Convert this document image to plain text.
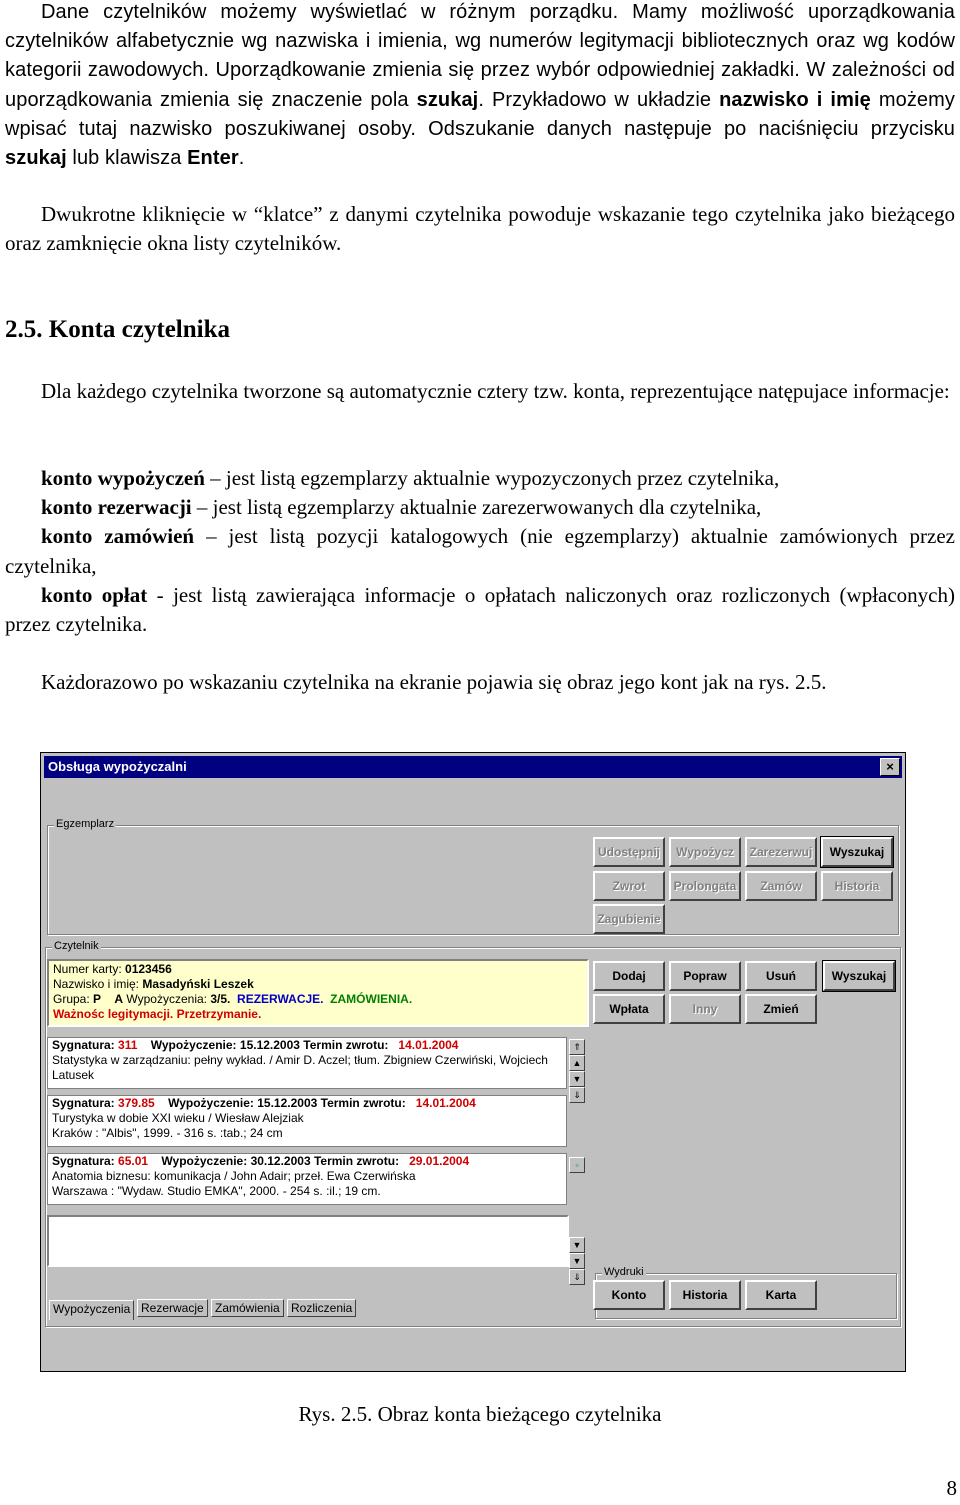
Dane czytelników możemy wyświetlać w różnym porządku. Mamy możliwość uporządkowania czytelników alfabetycznie wg nazwiska i imienia, wg numerów legitymacji bibliotecznych oraz wg kodów kategorii zawodowych. Uporządkowanie zmienia się przez wybór odpowiedniej zakładki. W zależności od uporządkowania zmienia się znaczenie pola szukaj. Przykładowo w układzie nazwisko i imię możemy wpisać tutaj nazwisko poszukiwanej osoby. Odszukanie danych następuje po naciśnięciu przycisku szukaj lub klawisza Enter.
Dwukrotne kliknięcie w “klatce” z danymi czytelnika powoduje wskazanie tego czytelnika jako bieżącego oraz zamknięcie okna listy czytelników.
2.5. Konta czytelnika
Dla każdego czytelnika tworzone są automatycznie cztery tzw. konta, reprezentujące natępujace informacje:
konto wypożyczeń – jest listą egzemplarzy aktualnie wypozyczonych przez czytelnika,
konto rezerwacji – jest listą egzemplarzy aktualnie zarezerwowanych dla czytelnika,
konto zamówień – jest listą pozycji katalogowych (nie egzemplarzy) aktualnie zamówionych przez czytelnika,
konto opłat - jest listą zawierająca informacje o opłatach naliczonych oraz rozliczonych (wpłaconych) przez czytelnika.
Każdorazowo po wskazaniu czytelnika na ekranie pojawia się obraz jego kont jak na rys. 2.5.
Obsługa wypożyczalni	×
Egzemplarz
Czytelnik
Numer karty: 0123456
Nazwisko i imię: Masadyński Leszek
Grupa: P A Wypożyczenia: 3/5. REZERWACJE. ZAMÓWIENIA.
Ważnośc legitymacji. Przetrzymanie.
Sygnatura: 311 Wypożyczenie: 15.12.2003 Termin zwrotu: 14.01.2004
Statystyka w zarządzaniu: pełny wykład. / Amir D. Aczel; tłum. Zbigniew Czerwiński, Wojciech
Latusek
Sygnatura: 379.85 Wypożyczenie: 15.12.2003 Termin zwrotu: 14.01.2004
Turystyka w dobie XXI wieku / Wiesław Alejziak
Kraków : "Albis", 1999. - 316 s. :tab.; 24 cm
Sygnatura: 65.01 Wypożyczenie: 30.12.2003 Termin zwrotu: 29.01.2004
Anatomia biznesu: komunikacja / John Adair; przeł. Ewa Czerwińska
Warszawa : "Wydaw. Studio EMKA", 2000. - 254 s. :il.; 19 cm.
⇑
▲
▼
⇓
▫
▼
▼
⇓	Wydruki
Wypożyczenia Rezerwacje Zamówienia Rozliczenia
Udostępnij	Wypożycz	Zarezerwuj	Wyszukaj
Zwrot	Prolongata	Zamów	Historia
Zagubienie
Dodaj	Popraw	Usuń	Wyszukaj
Wpłata	Inny	Zmień
Konto	Historia	Karta
Rys. 2.5. Obraz konta bieżącego czytelnika
8
